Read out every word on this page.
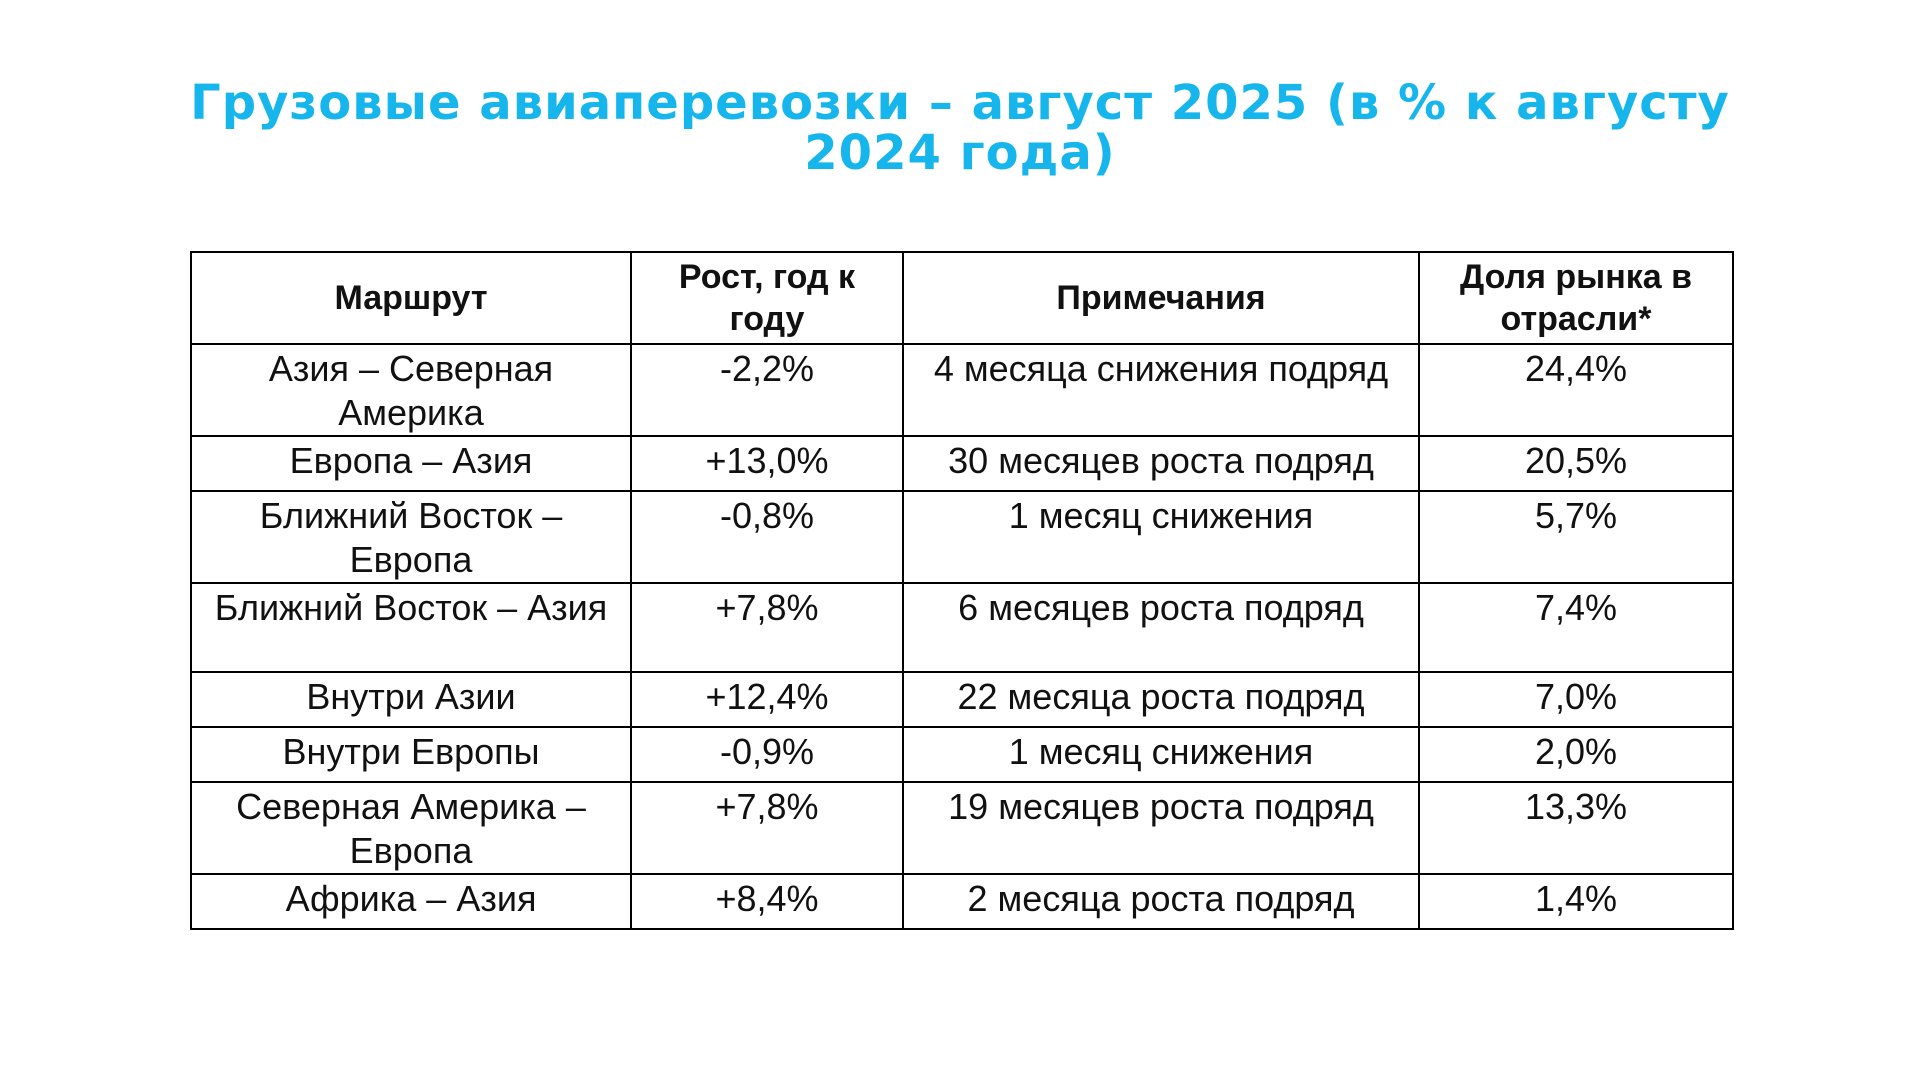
Грузовые авиаперевозки – август 2025 (в % к августу 2024 года)
Маршрут	Рост, год к году	Примечания	Доля рынка в отрасли*
Азия – Северная Америка	-2,2%	4 месяца снижения подряд	24,4%
Европа – Азия	+13,0%	30 месяцев роста подряд	20,5%
Ближний Восток – Европа	-0,8%	1 месяц снижения	5,7%
Ближний Восток – Азия	+7,8%	6 месяцев роста подряд	7,4%
Внутри Азии	+12,4%	22 месяца роста подряд	7,0%
Внутри Европы	-0,9%	1 месяц снижения	2,0%
Северная Америка – Европа	+7,8%	19 месяцев роста подряд	13,3%
Африка – Азия	+8,4%	2 месяца роста подряд	1,4%
